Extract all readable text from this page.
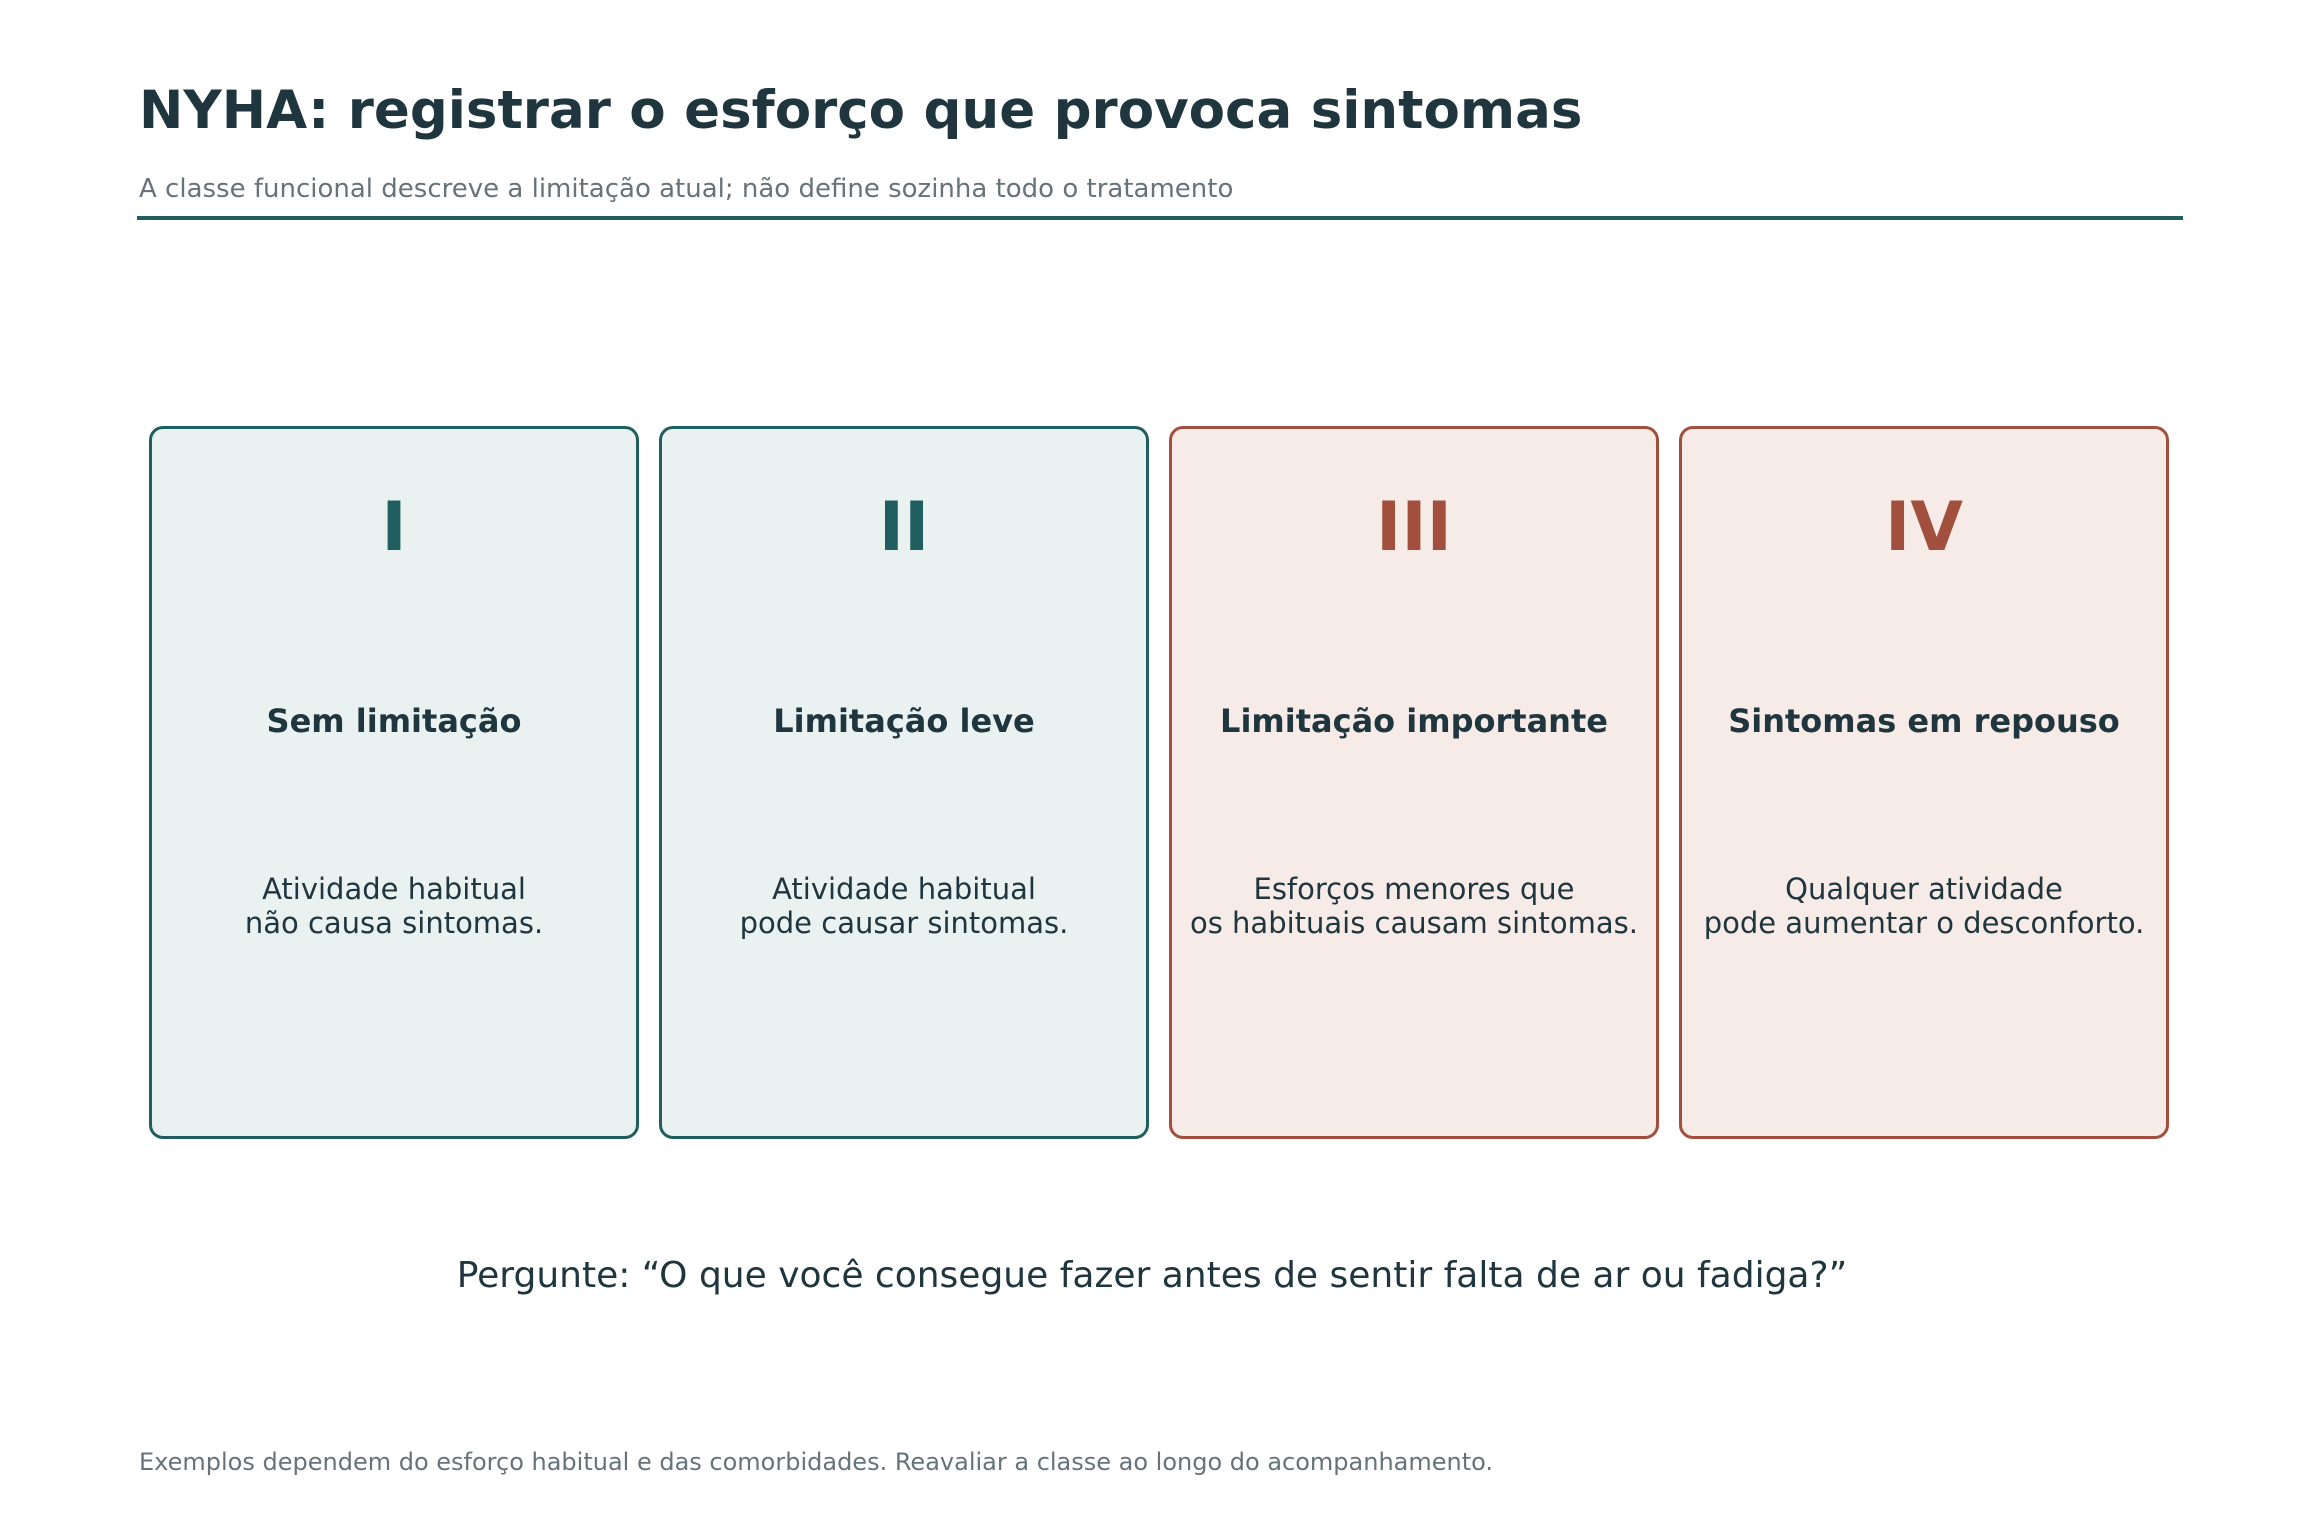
NYHA: registrar o esforço que provoca sintomas
A classe funcional descreve a limitação atual; não define sozinha todo o tratamento
I
Sem limitação
Atividade habitual
não causa sintomas.
II
Limitação leve
Atividade habitual
pode causar sintomas.
III
Limitação importante
Esforços menores que
os habituais causam sintomas.
IV
Sintomas em repouso
Qualquer atividade
pode aumentar o desconforto.
Pergunte: “O que você consegue fazer antes de sentir falta de ar ou fadiga?”
Exemplos dependem do esforço habitual e das comorbidades. Reavaliar a classe ao longo do acompanhamento.
